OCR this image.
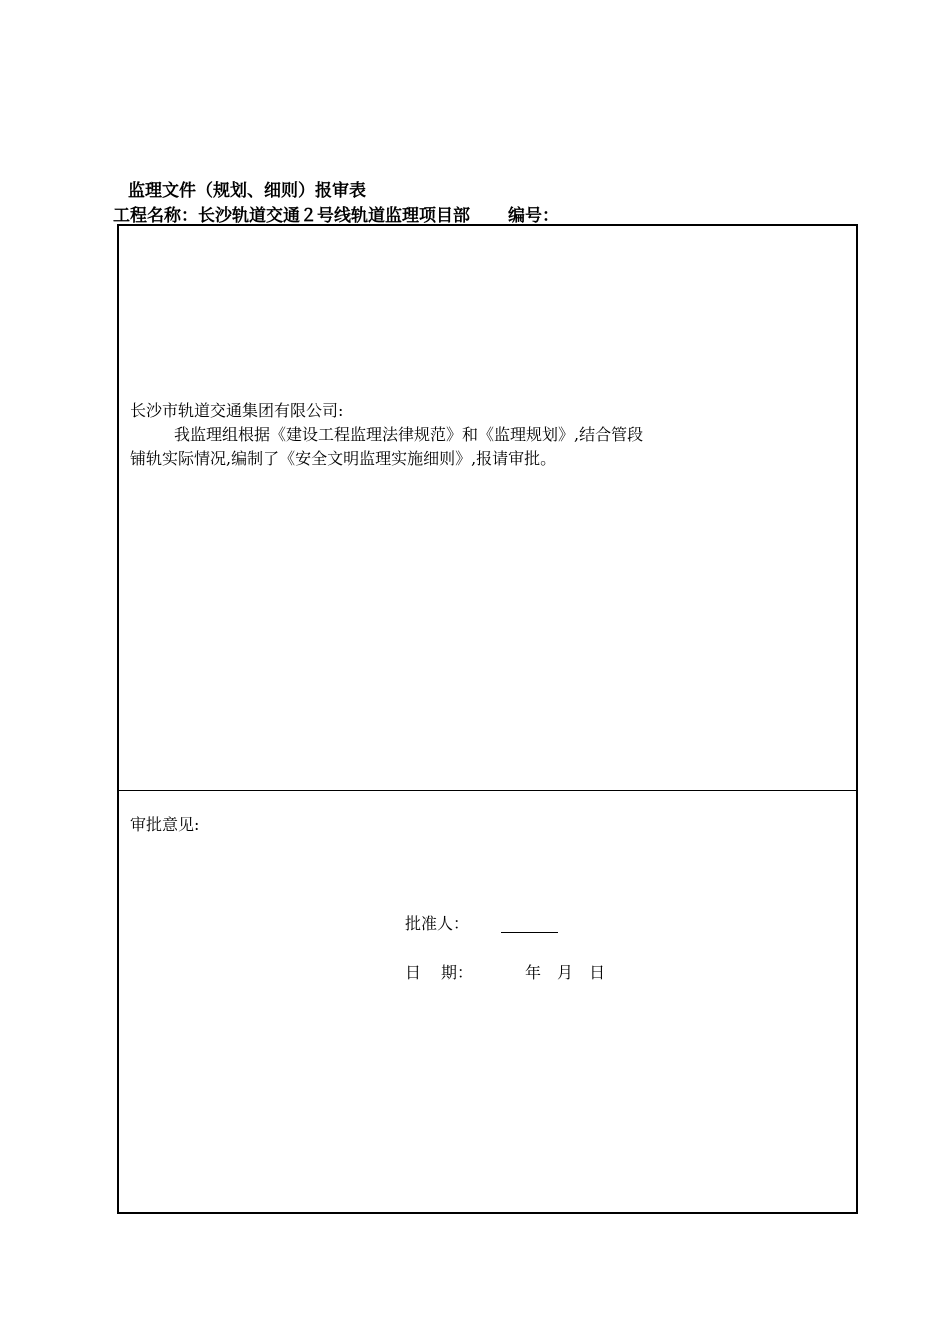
监理文件（规划、细则）报审表
工程名称：长沙轨道交通２号线轨道监理项目部 编号：
长沙市轨道交通集团有限公司:
我监理组根据《建设工程监理法律规范》和《监理规划》,结合管段
铺轨实际情况,编制了《安全文明监理实施细则》,报请审批。
审批意见:
批准人：
日 期：	年 月 日
